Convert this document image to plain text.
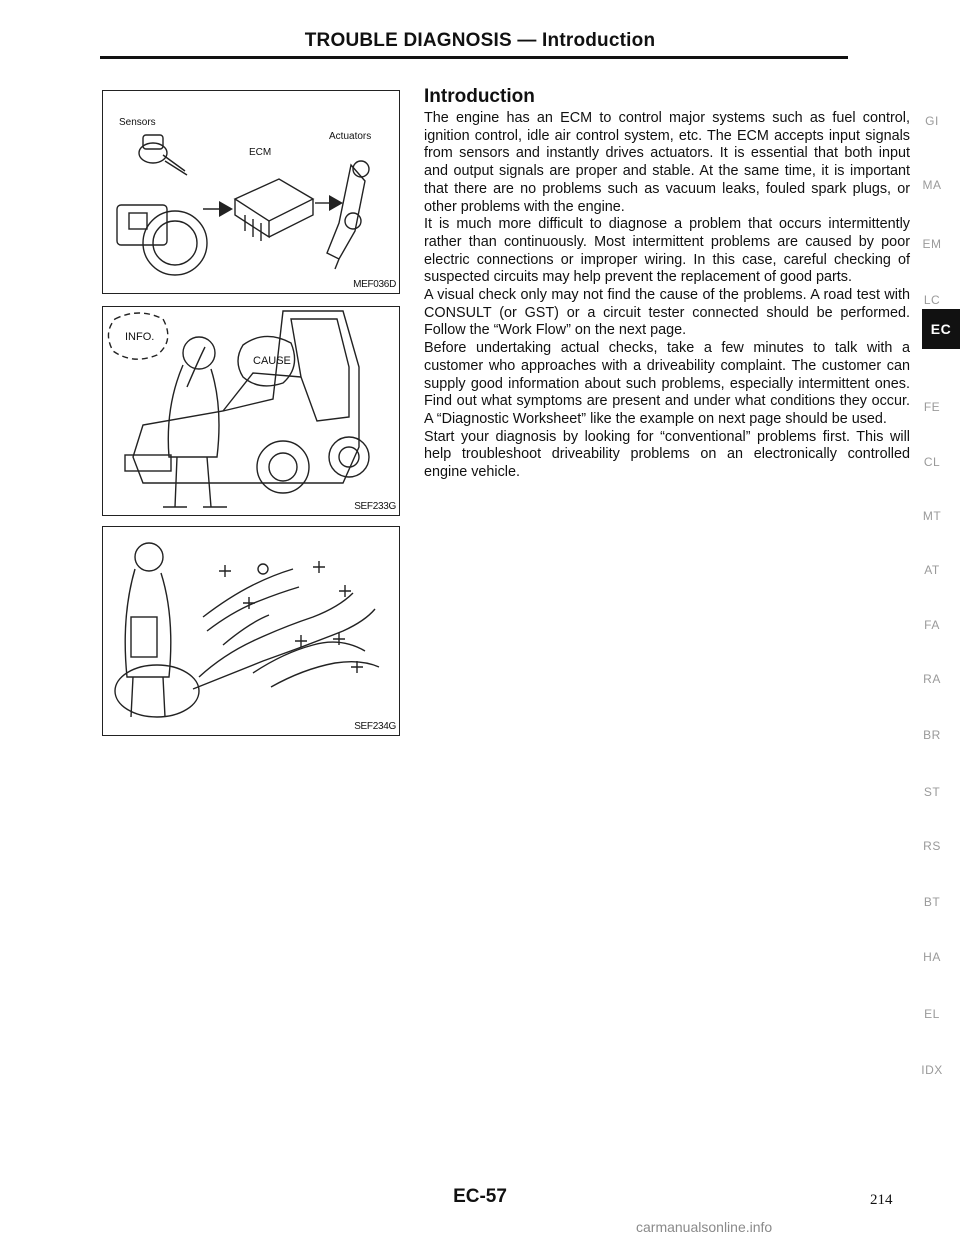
TROUBLE DIAGNOSIS — Introduction
Sensors
ECM
Actuators
MEF036D
INFO.
CAUSE
SEF233G
SEF234G
Introduction

The engine has an ECM to control major systems such as fuel control, ignition control, idle air control system, etc. The ECM accepts input signals from sensors and instantly drives actuators. It is essential that both input and output signals are proper and stable. At the same time, it is important that there are no problems such as vacuum leaks, fouled spark plugs, or other problems with the engine.

It is much more difficult to diagnose a problem that occurs intermittently rather than continuously. Most intermittent problems are caused by poor electric connections or improper wiring. In this case, careful checking of suspected circuits may help prevent the replacement of good parts.

A visual check only may not find the cause of the problems. A road test with CONSULT (or GST) or a circuit tester connected should be performed. Follow the “Work Flow” on the next page.

Before undertaking actual checks, take a few minutes to talk with a customer who approaches with a driveability complaint. The customer can supply good information about such problems, especially intermittent ones. Find out what symptoms are present and under what conditions they occur. A “Diagnostic Worksheet” like the example on next page should be used.

Start your diagnosis by looking for “conventional” problems first. This will help troubleshoot driveability problems on an electronically controlled engine vehicle.

GI
MA
EM
LC
EC
FE
CL
MT
AT
FA
RA
BR
ST
RS
BT
HA
EL
IDX
EC-57	214
carmanualsonline.info
